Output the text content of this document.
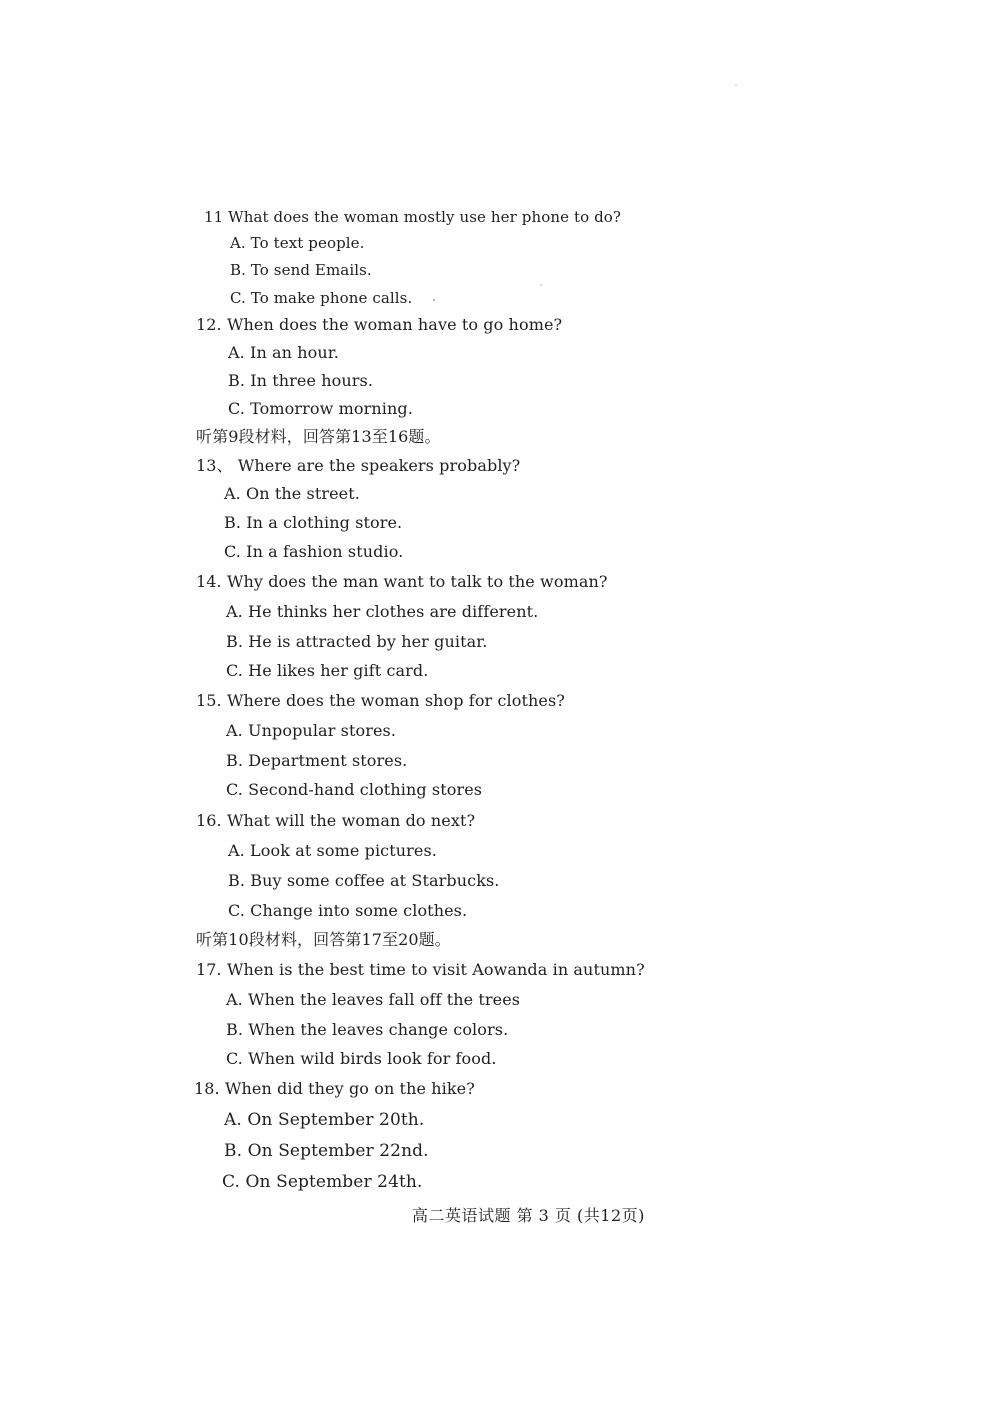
11 What does the woman mostly use her phone to do?
A. To text people.
B. To send Emails.
C. To make phone calls.
12. When does the woman have to go home?
A. In an hour.
B. In three hours.
C. Tomorrow morning.
听第9段材料，回答第13至16题。
13、 Where are the speakers probably?
A. On the street.
B. In a clothing store.
C. In a fashion studio.
14. Why does the man want to talk to the woman?
A. He thinks her clothes are different.
B. He is attracted by her guitar.
C. He likes her gift card.
15. Where does the woman shop for clothes?
A. Unpopular stores.
B. Department stores.
C. Second-hand clothing stores
16. What will the woman do next?
A. Look at some pictures.
B. Buy some coffee at Starbucks.
C. Change into some clothes.
听第10段材料，回答第17至20题。
17. When is the best time to visit Aowanda in autumn?
A. When the leaves fall off the trees
B. When the leaves change colors.
C. When wild birds look for food.
18. When did they go on the hike?
A. On September 20th.
B. On September 22nd.
C. On September 24th.
高二英语试题 第 3 页 (共12页)
